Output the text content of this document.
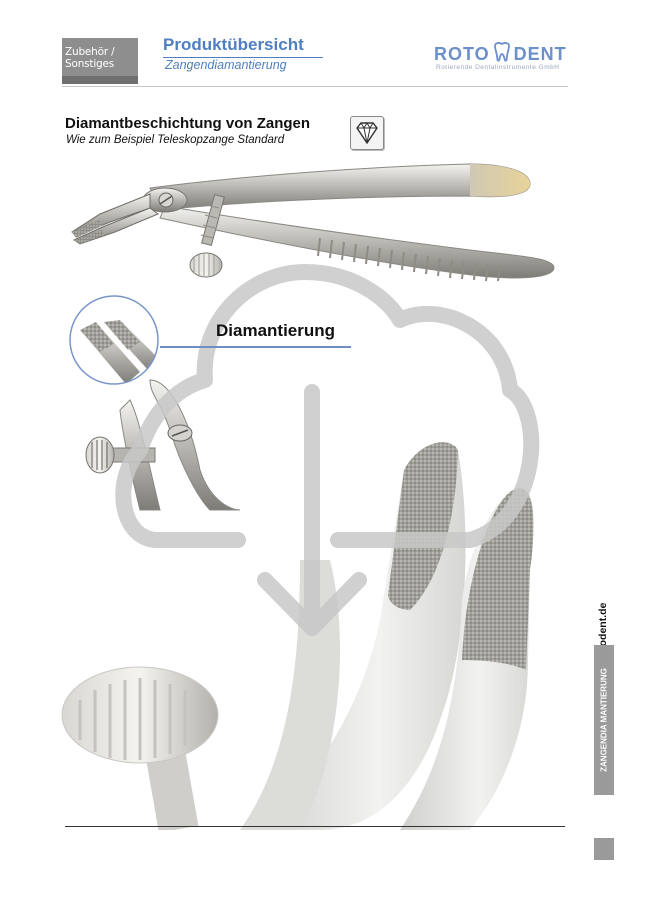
Zubehör / Sonstiges
Produktübersicht
Zangendiamantierung
ROTO DENT
Rotierende Dentalinstrumente GmbH
Diamantbeschichtung von Zangen
Wie zum Beispiel Teleskopzange Standard
Diamantierung
ZANGENDIA MANTIERUNG
